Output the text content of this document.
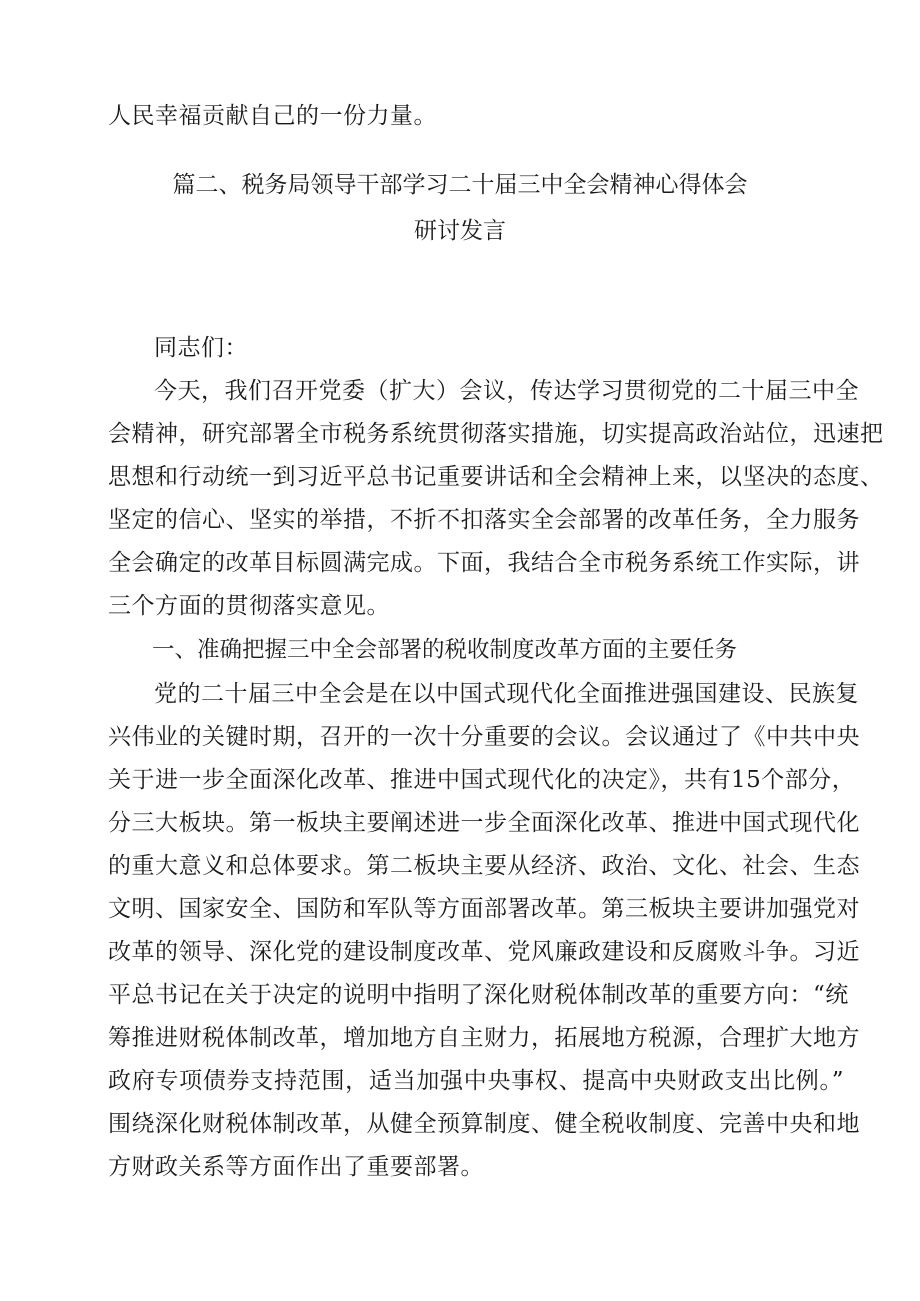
人民幸福贡献自己的一份力量。
篇二、税务局领导干部学习二十届三中全会精神心得体会
研讨发言
同志们：
今天，我们召开党委（扩大）会议，传达学习贯彻党的二十届三中全
会精神，研究部署全市税务系统贯彻落实措施，切实提高政治站位，迅速把
思想和行动统一到习近平总书记重要讲话和全会精神上来，以坚决的态度、
坚定的信心、坚实的举措，不折不扣落实全会部署的改革任务，全力服务
全会确定的改革目标圆满完成。下面，我结合全市税务系统工作实际，讲
三个方面的贯彻落实意见。
一、准确把握三中全会部署的税收制度改革方面的主要任务
党的二十届三中全会是在以中国式现代化全面推进强国建设、民族复
兴伟业的关键时期，召开的一次十分重要的会议。会议通过了《中共中央
关于进一步全面深化改革、推进中国式现代化的决定》，共有15个部分，
分三大板块。第一板块主要阐述进一步全面深化改革、推进中国式现代化
的重大意义和总体要求。第二板块主要从经济、政治、文化、社会、生态
文明、国家安全、国防和军队等方面部署改革。第三板块主要讲加强党对
改革的领导、深化党的建设制度改革、党风廉政建设和反腐败斗争。习近
平总书记在关于决定的说明中指明了深化财税体制改革的重要方向：“统
筹推进财税体制改革，增加地方自主财力，拓展地方税源，合理扩大地方
政府专项债券支持范围，适当加强中央事权、提高中央财政支出比例。”
围绕深化财税体制改革，从健全预算制度、健全税收制度、完善中央和地
方财政关系等方面作出了重要部署。
